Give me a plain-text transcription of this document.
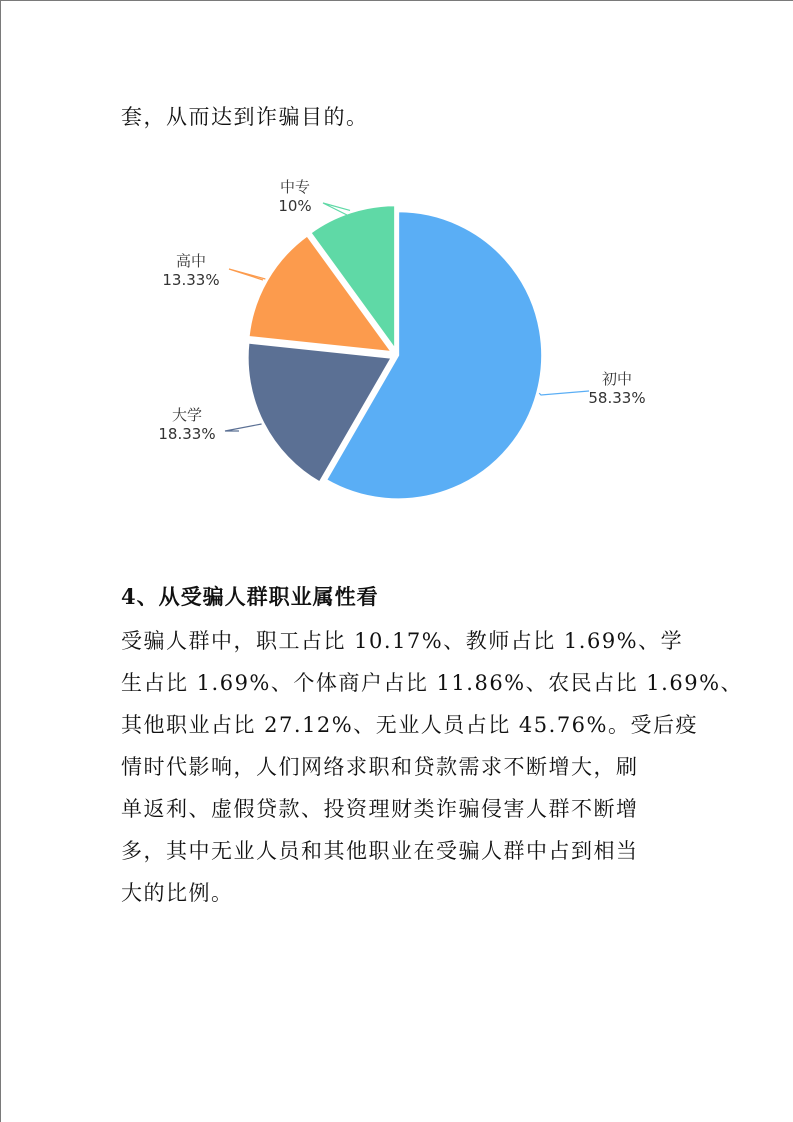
套，从而达到诈骗目的。
初中
58.33%
大学
18.33%
高中
13.33%
中专
10%
4、从受骗人群职业属性看
受骗人群中，职工占比 10.17%、教师占比 1.69%、学
生占比 1.69%、个体商户占比 11.86%、农民占比 1.69%、
其他职业占比 27.12%、无业人员占比 45.76%。受后疫
情时代影响，人们网络求职和贷款需求不断增大，刷
单返利、虚假贷款、投资理财类诈骗侵害人群不断增
多，其中无业人员和其他职业在受骗人群中占到相当
大的比例。
